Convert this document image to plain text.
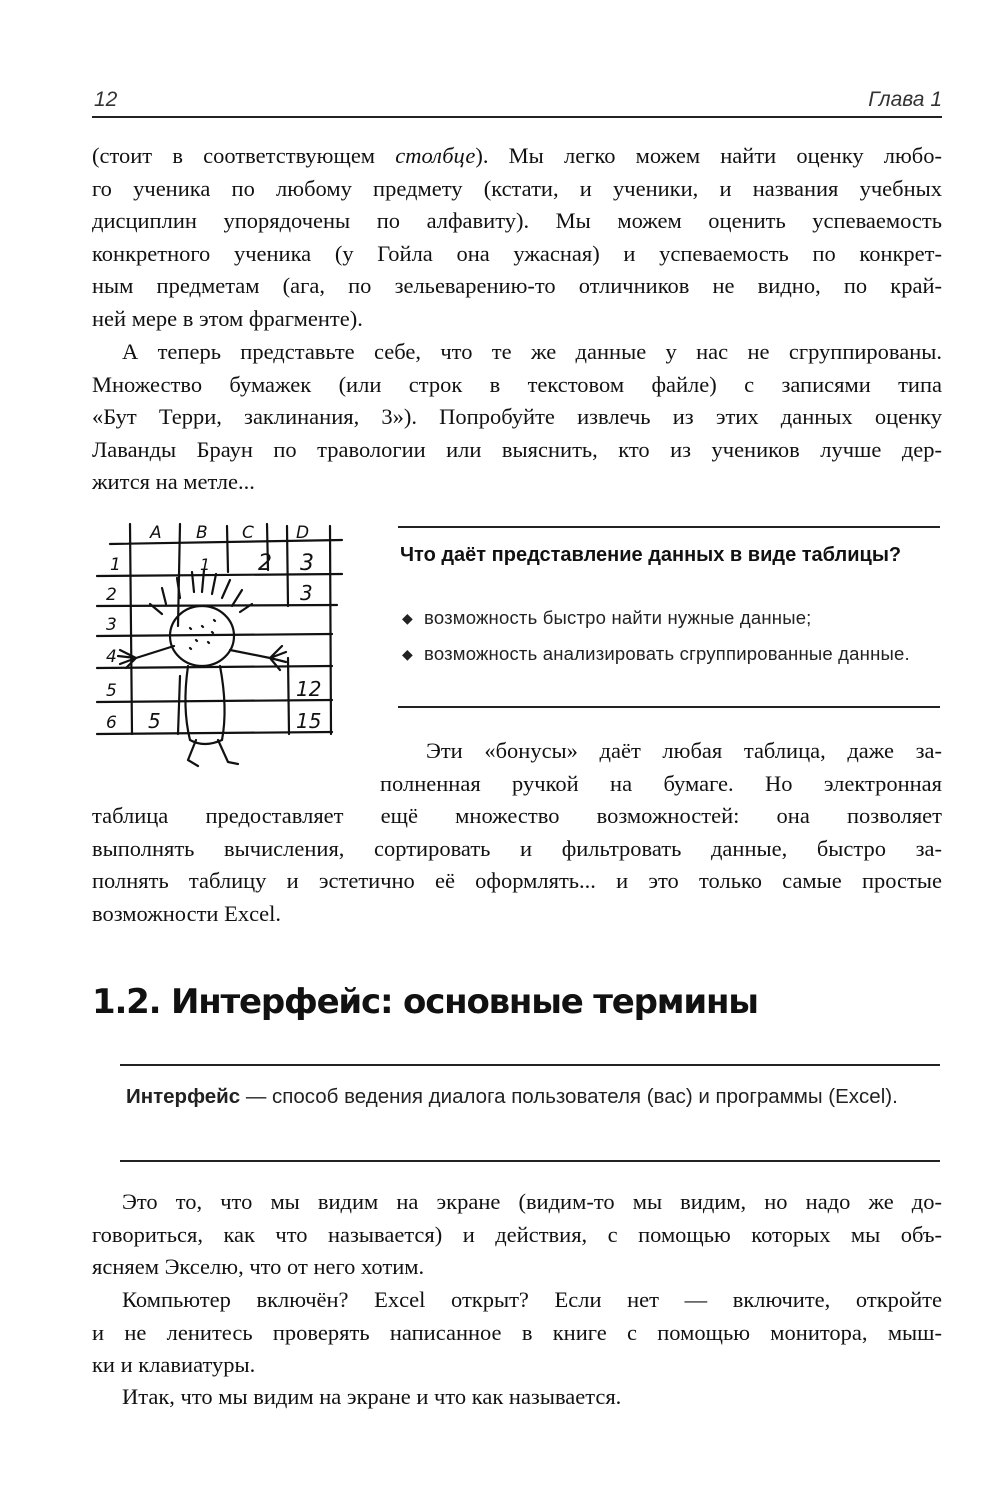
12	Глава 1
(стоит в соответствующем столбце). Мы легко можем найти оценку любо-
го ученика по любому предмету (кстати, и ученики, и названия учебных
дисциплин упорядочены по алфавиту). Мы можем оценить успеваемость
конкретного ученика (у Гойла она ужасная) и успеваемость по конкрет-
ным предметам (ага, по зельеварению-то отличников не видно, по край-
ней мере в этом фрагменте).
А теперь представьте себе, что те же данные у нас не сгруппированы.
Множество бумажек (или строк в текстовом файле) с записями типа
«Бут Терри, заклинания, 3»). Попробуйте извлечь из этих данных оценку
Лаванды Браун по травологии или выяснить, кто из учеников лучше дер-
жится на метле...
A B C D
1
2
3
4
5
6
1 2 3
3
12
5	15

Что даёт представление данных в виде таблицы?

◆ возможность быстро найти нужные данные;
◆ возможность анализировать сгруппированные данные.
Эти «бонусы» даёт любая таблица, даже за-
полненная ручкой на бумаге. Но электронная
таблица предоставляет ещё множество возможностей: она позволяет
выполнять вычисления, сортировать и фильтровать данные, быстро за-
полнять таблицу и эстетично её оформлять... и это только самые простые
возможности Excel.
1.2. Интерфейс: основные термины

Интерфейс — способ ведения диалога пользователя (вас) и программы (Excel).

Это то, что мы видим на экране (видим-то мы видим, но надо же до-
говориться, как что называется) и действия, с помощью которых мы объ-
ясняем Экселю, что от него хотим.
Компьютер включён? Excel открыт? Если нет — включите, откройте
и не ленитесь проверять написанное в книге с помощью монитора, мыш-
ки и клавиатуры.
Итак, что мы видим на экране и что как называется.
